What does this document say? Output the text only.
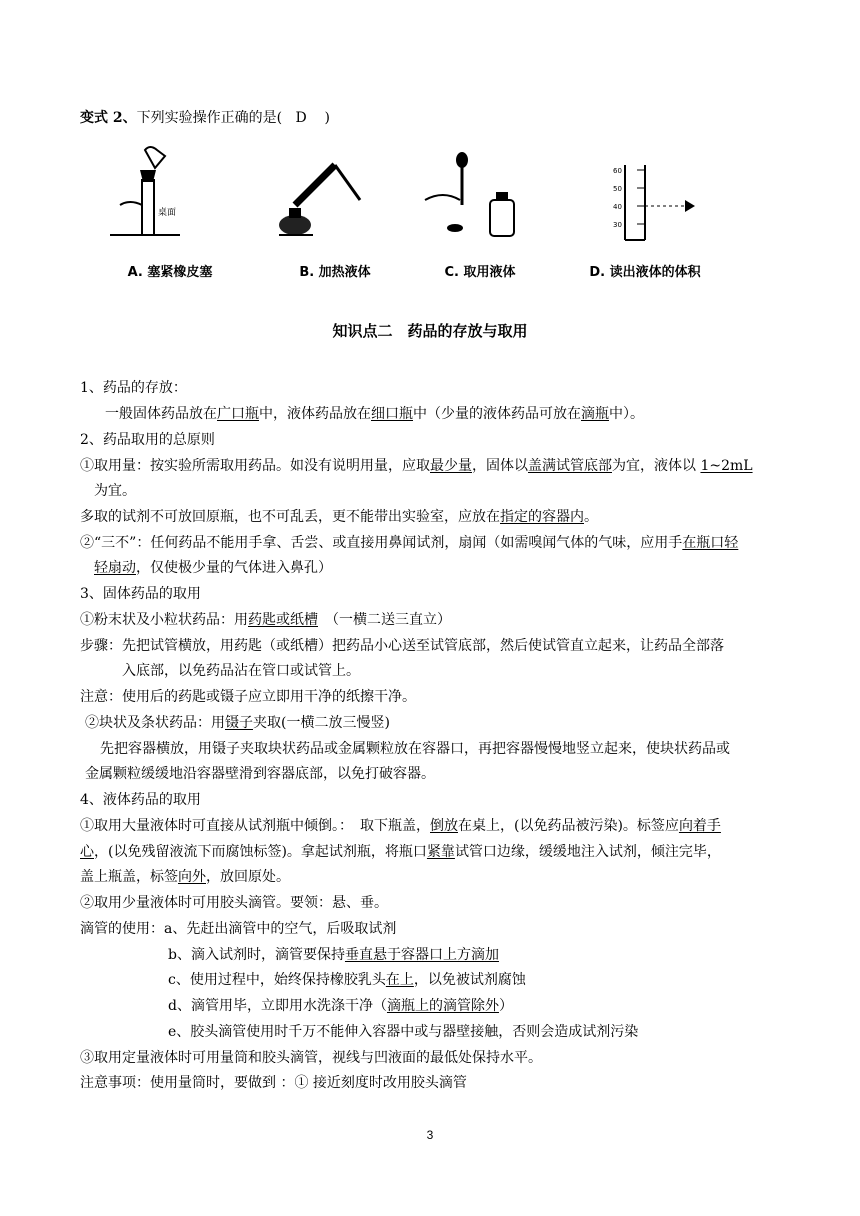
变式 2、下列实验操作正确的是( D )
桌面
A. 塞紧橡皮塞	B. 加热液体	C. 取用液体
60
50
40
30
D. 读出液体的体积
知识点二　药品的存放与取用
1、药品的存放：
一般固体药品放在广口瓶中，液体药品放在细口瓶中（少量的液体药品可放在滴瓶中）。
2、药品取用的总原则
①取用量：按实验所需取用药品。如没有说明用量，应取最少量，固体以盖满试管底部为宜，液体以 1~2mL
为宜。
多取的试剂不可放回原瓶，也不可乱丢，更不能带出实验室，应放在指定的容器内。
②“三不”：任何药品不能用手拿、舌尝、或直接用鼻闻试剂，扇闻（如需嗅闻气体的气味，应用手在瓶口轻
轻扇动，仅使极少量的气体进入鼻孔）
3、固体药品的取用
①粉末状及小粒状药品：用药匙或纸槽　（一横二送三直立）
步骤：先把试管横放，用药匙（或纸槽）把药品小心送至试管底部，然后使试管直立起来，让药品全部落
入底部，以免药品沾在管口或试管上。
注意：使用后的药匙或镊子应立即用干净的纸擦干净。
②块状及条状药品：用镊子夹取(一横二放三慢竖)
先把容器横放，用镊子夹取块状药品或金属颗粒放在容器口，再把容器慢慢地竖立起来，使块状药品或
金属颗粒缓缓地沿容器壁滑到容器底部，以免打破容器。
4、液体药品的取用
①取用大量液体时可直接从试剂瓶中倾倒。：　取下瓶盖，倒放在桌上，(以免药品被污染)。标签应向着手
心，(以免残留液流下而腐蚀标签)。拿起试剂瓶，将瓶口紧靠试管口边缘，缓缓地注入试剂，倾注完毕，
盖上瓶盖，标签向外，放回原处。
②取用少量液体时可用胶头滴管。要领：悬、垂。
滴管的使用：a、先赶出滴管中的空气，后吸取试剂
b、滴入试剂时，滴管要保持垂直悬于容器口上方滴加
c、使用过程中，始终保持橡胶乳头在上，以免被试剂腐蚀
d、滴管用毕，立即用水洗涤干净（滴瓶上的滴管除外）
e、胶头滴管使用时千万不能伸入容器中或与器壁接触，否则会造成试剂污染
③取用定量液体时可用量筒和胶头滴管，视线与凹液面的最低处保持水平。
注意事项：使用量筒时，要做到 ：① 接近刻度时改用胶头滴管
3
